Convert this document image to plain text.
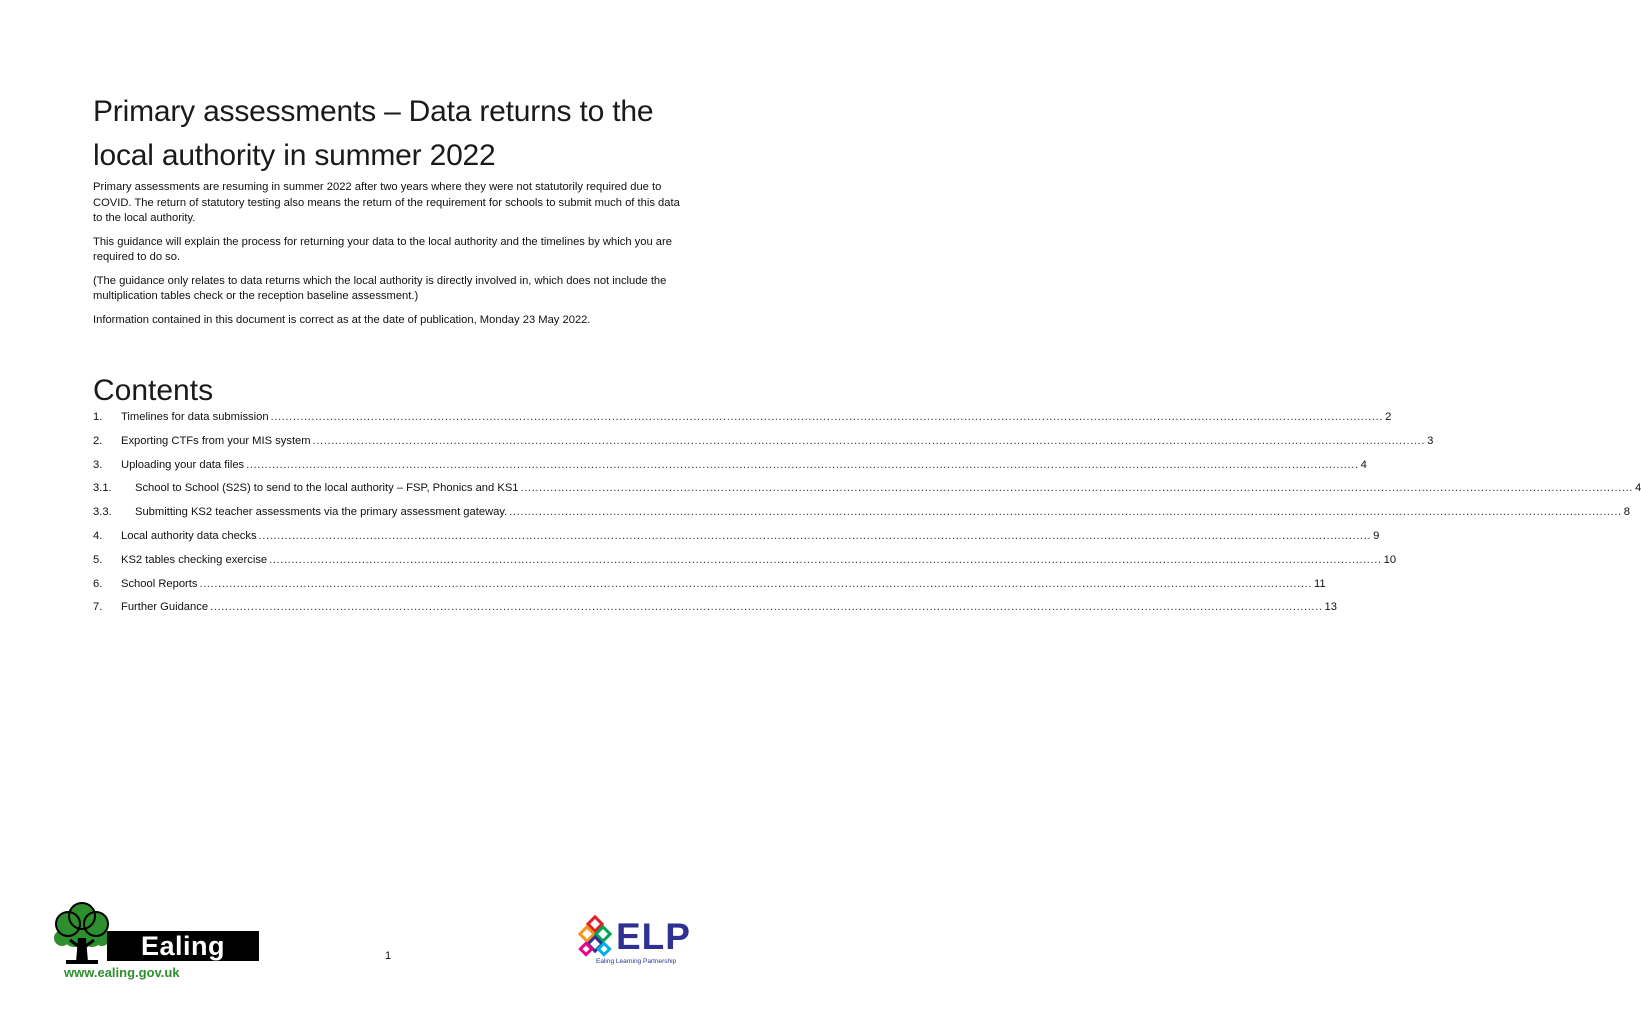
Primary assessments – Data returns to the local authority in summer 2022

Primary assessments are resuming in summer 2022 after two years where they were not statutorily required due to COVID. The return of statutory testing also means the return of the requirement for schools to submit much of this data to the local authority.

This guidance will explain the process for returning your data to the local authority and the timelines by which you are required to do so.

(The guidance only relates to data returns which the local authority is directly involved in, which does not include the multiplication tables check or the reception baseline assessment.)

Information contained in this document is correct as at the date of publication, Monday 23 May 2022.

Contents
1.	Timelines for data submission ............................................................................................................................................................................................................................................................................................................ 2
2.	Exporting CTFs from your MIS system ............................................................................................................................................................................................................................................................................................................ 3
3.	Uploading your data files ............................................................................................................................................................................................................................................................................................................ 4
3.1.	School to School (S2S) to send to the local authority – FSP, Phonics and KS1 ............................................................................................................................................................................................................................................................................................................ 4
3.3.	Submitting KS2 teacher assessments via the primary assessment gateway. ............................................................................................................................................................................................................................................................................................................ 8
4.	Local authority data checks ............................................................................................................................................................................................................................................................................................................ 9
5.	KS2 tables checking exercise ............................................................................................................................................................................................................................................................................................................ 10
6.	School Reports ............................................................................................................................................................................................................................................................................................................ 11
7.	Further Guidance ............................................................................................................................................................................................................................................................................................................ 13
Ealing
www.ealing.gov.uk
1	ELP
Ealing Learning Partnership
